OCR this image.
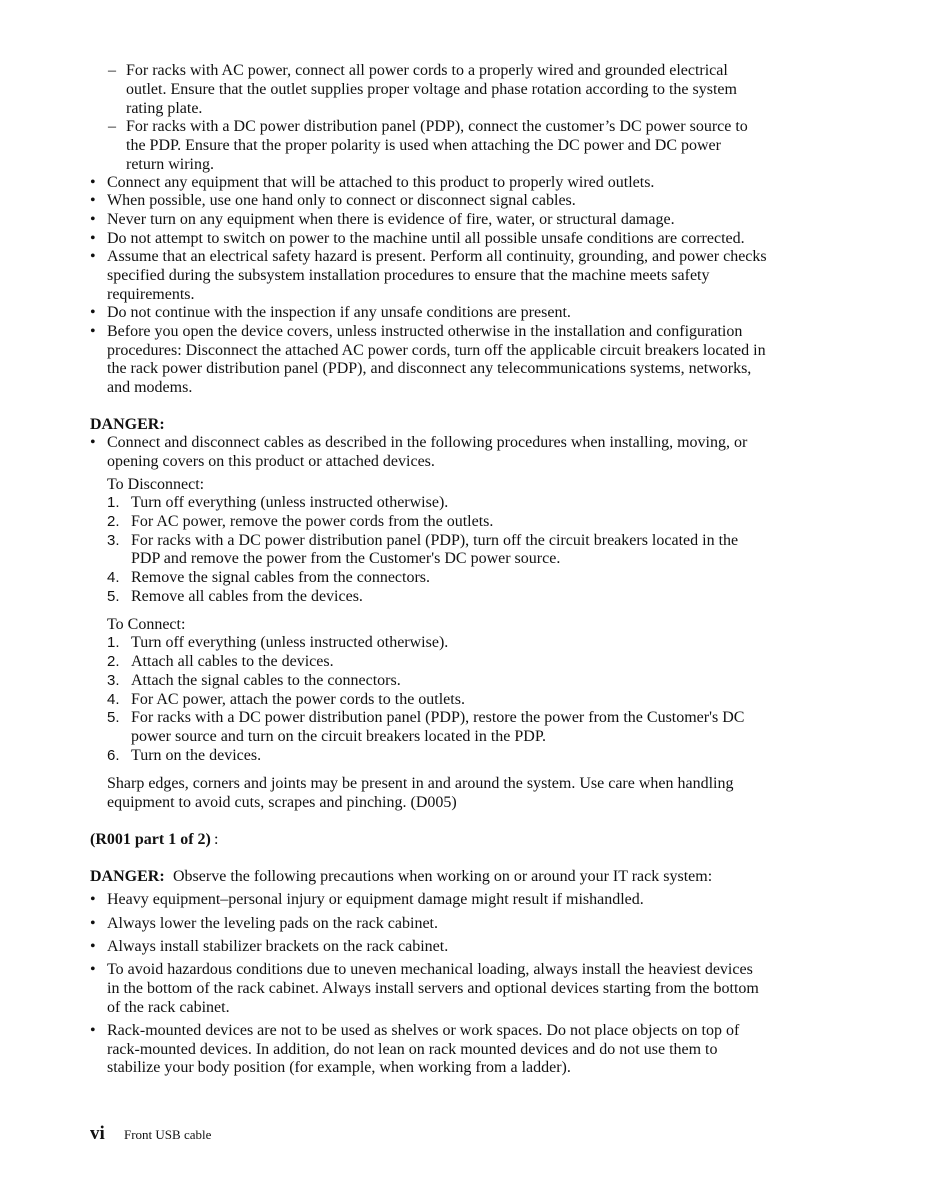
– For racks with AC power, connect all power cords to a properly wired and grounded electrical
outlet. Ensure that the outlet supplies proper voltage and phase rotation according to the system
rating plate.
– For racks with a DC power distribution panel (PDP), connect the customer’s DC power source to
the PDP. Ensure that the proper polarity is used when attaching the DC power and DC power
return wiring.
• Connect any equipment that will be attached to this product to properly wired outlets.
• When possible, use one hand only to connect or disconnect signal cables.
• Never turn on any equipment when there is evidence of fire, water, or structural damage.
• Do not attempt to switch on power to the machine until all possible unsafe conditions are corrected.
• Assume that an electrical safety hazard is present. Perform all continuity, grounding, and power checks
specified during the subsystem installation procedures to ensure that the machine meets safety
requirements.
• Do not continue with the inspection if any unsafe conditions are present.
• Before you open the device covers, unless instructed otherwise in the installation and configuration
procedures: Disconnect the attached AC power cords, turn off the applicable circuit breakers located in
the rack power distribution panel (PDP), and disconnect any telecommunications systems, networks,
and modems.
DANGER:
• Connect and disconnect cables as described in the following procedures when installing, moving, or
opening covers on this product or attached devices.
To Disconnect:
1. Turn off everything (unless instructed otherwise).
2. For AC power, remove the power cords from the outlets.
3. For racks with a DC power distribution panel (PDP), turn off the circuit breakers located in the
PDP and remove the power from the Customer's DC power source.
4. Remove the signal cables from the connectors.
5. Remove all cables from the devices.
To Connect:
1. Turn off everything (unless instructed otherwise).
2. Attach all cables to the devices.
3. Attach the signal cables to the connectors.
4. For AC power, attach the power cords to the outlets.
5. For racks with a DC power distribution panel (PDP), restore the power from the Customer's DC
power source and turn on the circuit breakers located in the PDP.
6. Turn on the devices.
Sharp edges, corners and joints may be present in and around the system. Use care when handling
equipment to avoid cuts, scrapes and pinching. (D005)
(R001 part 1 of 2) :
DANGER: Observe the following precautions when working on or around your IT rack system:
• Heavy equipment–personal injury or equipment damage might result if mishandled.
• Always lower the leveling pads on the rack cabinet.
• Always install stabilizer brackets on the rack cabinet.
• To avoid hazardous conditions due to uneven mechanical loading, always install the heaviest devices
in the bottom of the rack cabinet. Always install servers and optional devices starting from the bottom
of the rack cabinet.
• Rack-mounted devices are not to be used as shelves or work spaces. Do not place objects on top of
rack-mounted devices. In addition, do not lean on rack mounted devices and do not use them to
stabilize your body position (for example, when working from a ladder).
vi Front USB cable
